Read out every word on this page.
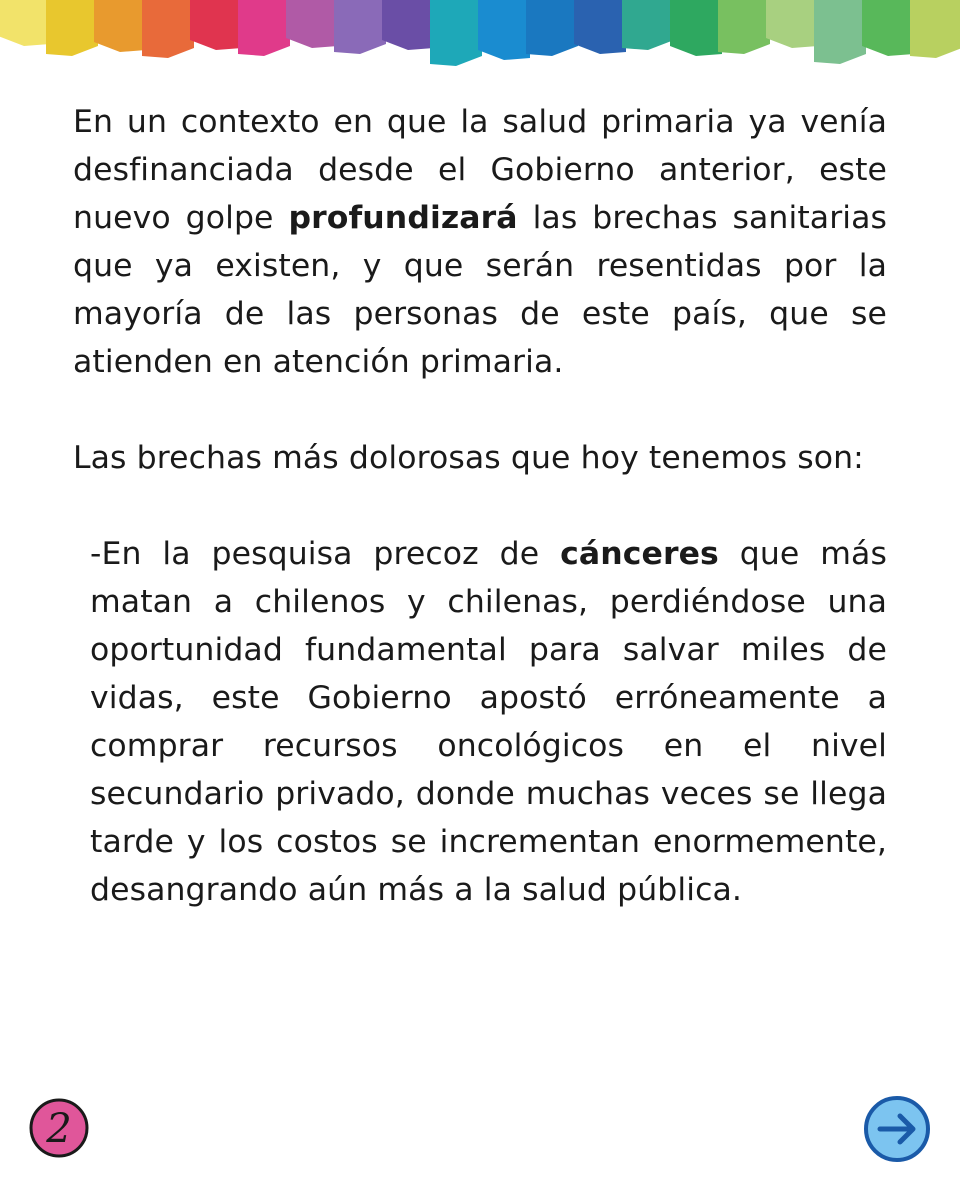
En un contexto en que la salud primaria ya venía desfinanciada desde el Gobierno anterior, este nuevo golpe profundizará las brechas sanitarias que ya existen, y que serán resentidas por la mayoría de las personas de este país, que se atienden en atención primaria.

Las brechas más dolorosas que hoy tenemos son:

-En la pesquisa precoz de cánceres que más matan a chilenos y chilenas, perdiéndose una oportunidad fundamental para salvar miles de vidas, este Gobierno apostó erróneamente a comprar recursos oncológicos en el nivel secundario privado, donde muchas veces se llega tarde y los costos se incrementan enormemente, desangrando aún más a la salud pública.

2
